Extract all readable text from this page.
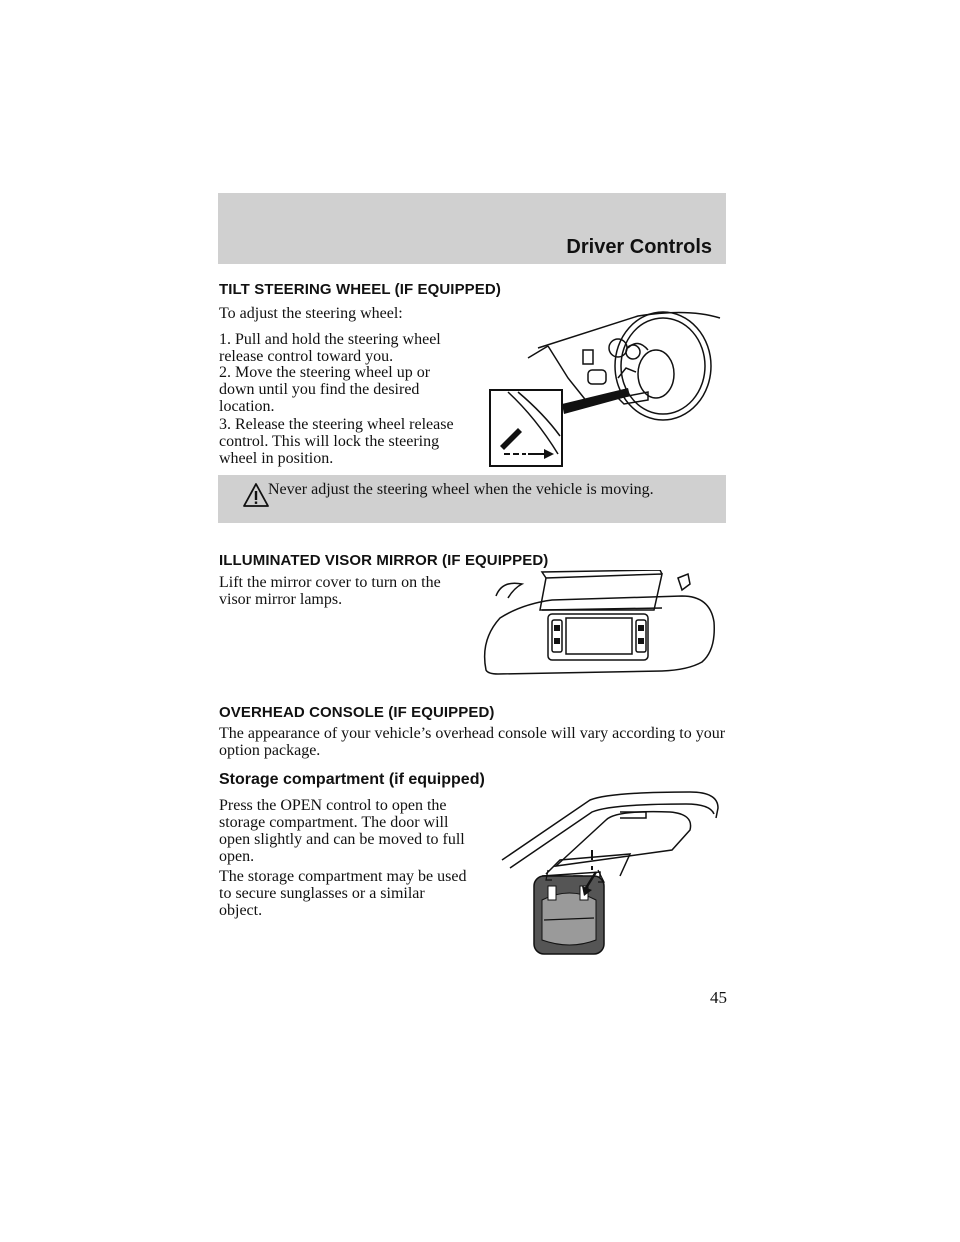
Driver Controls
TILT STEERING WHEEL (IF EQUIPPED)

To adjust the steering wheel:

1. Pull and hold the steering wheel release control toward you.

2. Move the steering wheel up or down until you find the desired location.

3. Release the steering wheel release control. This will lock the steering wheel in position.

Never adjust the steering wheel when the vehicle is moving.

ILLUMINATED VISOR MIRROR (IF EQUIPPED)

Lift the mirror cover to turn on the visor mirror lamps.

OVERHEAD CONSOLE (IF EQUIPPED)

The appearance of your vehicle’s overhead console will vary according to your option package.

Storage compartment (if equipped)

Press the OPEN control to open the storage compartment. The door will open slightly and can be moved to full open.

The storage compartment may be used to secure sunglasses or a similar object.

45
